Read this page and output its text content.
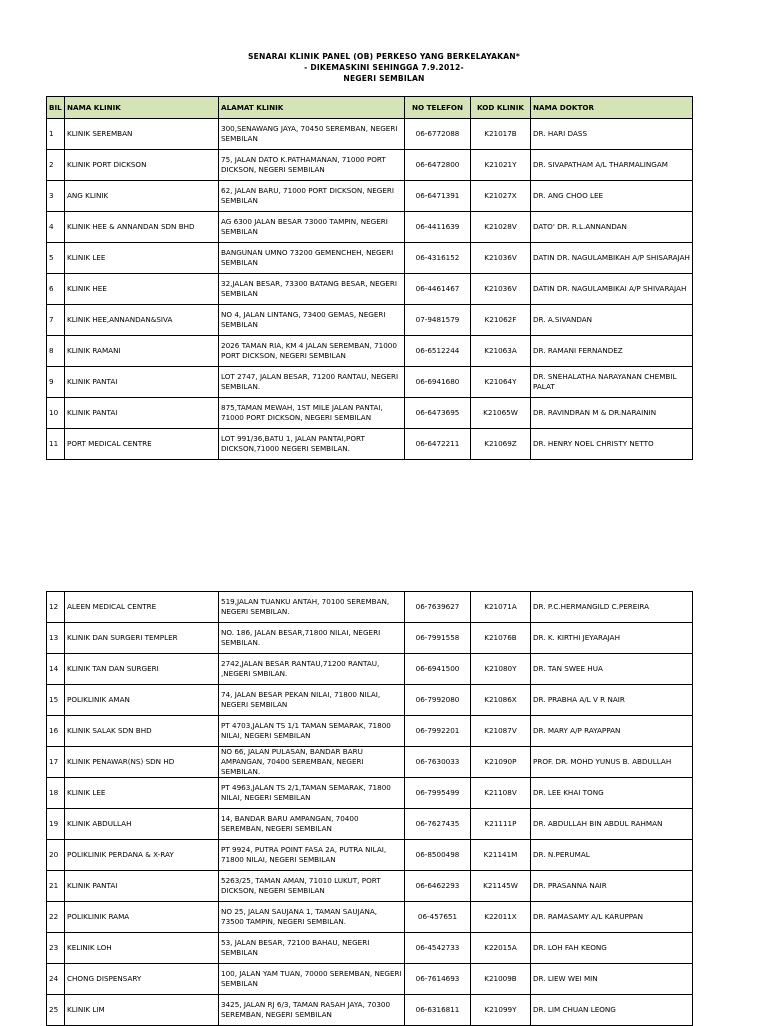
SENARAI KLINIK PANEL (OB) PERKESO YANG BERKELAYAKAN*
- DIKEMASKINI SEHINGGA 7.9.2012-
NEGERI SEMBILAN
BIL	NAMA KLINIK	ALAMAT KLINIK	NO TELEFON	KOD KLINIK	NAMA DOKTOR
1	KLINIK SEREMBAN	300,SENAWANG JAYA, 70450 SEREMBAN, NEGERI SEMBILAN	06-6772088	K21017B	DR. HARI DASS
2	KLINIK PORT DICKSON	75, JALAN DATO K.PATHAMANAN, 71000 PORT DICKSON, NEGERI SEMBILAN	06-6472800	K21021Y	DR. SIVAPATHAM A/L THARMALINGAM
3	ANG KLINIK	62, JALAN BARU, 71000 PORT DICKSON, NEGERI SEMBILAN	06-6471391	K21027X	DR. ANG CHOO LEE
4	KLINIK HEE & ANNANDAN SDN BHD	AG 6300 JALAN BESAR 73000 TAMPIN, NEGERI SEMBILAN	06-4411639	K21028V	DATO' DR. R.L.ANNANDAN
5	KLINIK LEE	BANGUNAN UMNO 73200 GEMENCHEH, NEGERI SEMBILAN	06-4316152	K21036V	DATIN DR. NAGULAMBIKAH A/P SHISARAJAH
6	KLINIK HEE	32,JALAN BESAR, 73300 BATANG BESAR, NEGERI SEMBILAN	06-4461467	K21036V	DATIN DR. NAGULAMBIKAI A/P SHIVARAJAH
7	KLINIK HEE,ANNANDAN&SIVA	NO 4, JALAN LINTANG, 73400 GEMAS, NEGERI SEMBILAN	07-9481579	K21062F	DR. A.SIVANDAN
8	KLINIK RAMANI	2026 TAMAN RIA, KM 4 JALAN SEREMBAN, 71000 PORT DICKSON, NEGERI SEMBILAN	06-6512244	K21063A	DR. RAMANI FERNANDEZ
9	KLINIK PANTAI	LOT 2747, JALAN BESAR, 71200 RANTAU, NEGERI SEMBILAN.	06-6941680	K21064Y	DR. SNEHALATHA NARAYANAN CHEMBIL PALAT
10	KLINIK PANTAI	875,TAMAN MEWAH, 1ST MILE JALAN PANTAI, 71000 PORT DICKSON, NEGERI SEMBILAN	06-6473695	K21065W	DR. RAVINDRAN M & DR.NARAININ
11	PORT MEDICAL CENTRE	LOT 991/36,BATU 1, JALAN PANTAI,PORT DICKSON,71000 NEGERI SEMBILAN.	06-6472211	K21069Z	DR. HENRY NOEL CHRISTY NETTO
12	ALEEN MEDICAL CENTRE	519,JALAN TUANKU ANTAH, 70100 SEREMBAN, NEGERI SEMBILAN.	06-7639627	K21071A	DR. P.C.HERMANGILD C.PEREIRA
13	KLINIK DAN SURGERI TEMPLER	NO. 186, JALAN BESAR,71800 NILAI, NEGERI SEMBILAN.	06-7991558	K21076B	DR. K. KIRTHI JEYARAJAH
14	KLINIK TAN DAN SURGERI	2742,JALAN BESAR RANTAU,71200 RANTAU, ,NEGERI SMBILAN.	06-6941500	K21080Y	DR. TAN SWEE HUA
15	POLIKLINIK AMAN	74, JALAN BESAR PEKAN NILAI, 71800 NILAI, NEGERI SEMBILAN	06-7992080	K21086X	DR. PRABHA A/L V R NAIR
16	KLINIK SALAK SDN BHD	PT 4703,JALAN TS 1/1 TAMAN SEMARAK, 71800 NILAI, NEGERI SEMBILAN	06-7992201	K21087V	DR. MARY A/P RAYAPPAN
17	KLINIK PENAWAR(NS) SDN HD	NO 66, JALAN PULASAN, BANDAR BARU AMPANGAN, 70400 SEREMBAN, NEGERI SEMBILAN.	06-7630033	K21090P	PROF. DR. MOHD YUNUS B. ABDULLAH
18	KLINIK LEE	PT 4963,JALAN TS 2/1,TAMAN SEMARAK, 71800 NILAI, NEGERI SEMBILAN	06-7995499	K21108V	DR. LEE KHAI TONG
19	KLINIK ABDULLAH	14, BANDAR BARU AMPANGAN, 70400 SEREMBAN, NEGERI SEMBILAN	06-7627435	K21111P	DR. ABDULLAH BIN ABDUL RAHMAN
20	POLIKLINIK PERDANA & X-RAY	PT 9924, PUTRA POINT FASA 2A, PUTRA NILAI, 71800 NILAI, NEGERI SEMBILAN	06-8500498	K21141M	DR. N.PERUMAL
21	KLINIK PANTAI	5263/25, TAMAN AMAN, 71010 LUKUT, PORT DICKSON, NEGERI SEMBILAN	06-6462293	K21145W	DR. PRASANNA NAIR
22	POLIKLINIK RAMA	NO 25, JALAN SAUJANA 1, TAMAN SAUJANA, 73500 TAMPIN, NEGERI SEMBILAN.	06-457651	K22011X	DR. RAMASAMY A/L KARUPPAN
23	KELINIK LOH	53, JALAN BESAR, 72100 BAHAU, NEGERI SEMBILAN	06-4542733	K22015A	DR. LOH FAH KEONG
24	CHONG DISPENSARY	100, JALAN YAM TUAN, 70000 SEREMBAN, NEGERI SEMBILAN	06-7614693	K21009B	DR. LIEW WEI MIN
25	KLINIK LIM	3425, JALAN RJ 6/3, TAMAN RASAH JAYA, 70300 SEREMBAN, NEGERI SEMBILAN	06-6316811	K21099Y	DR. LIM CHUAN LEONG
